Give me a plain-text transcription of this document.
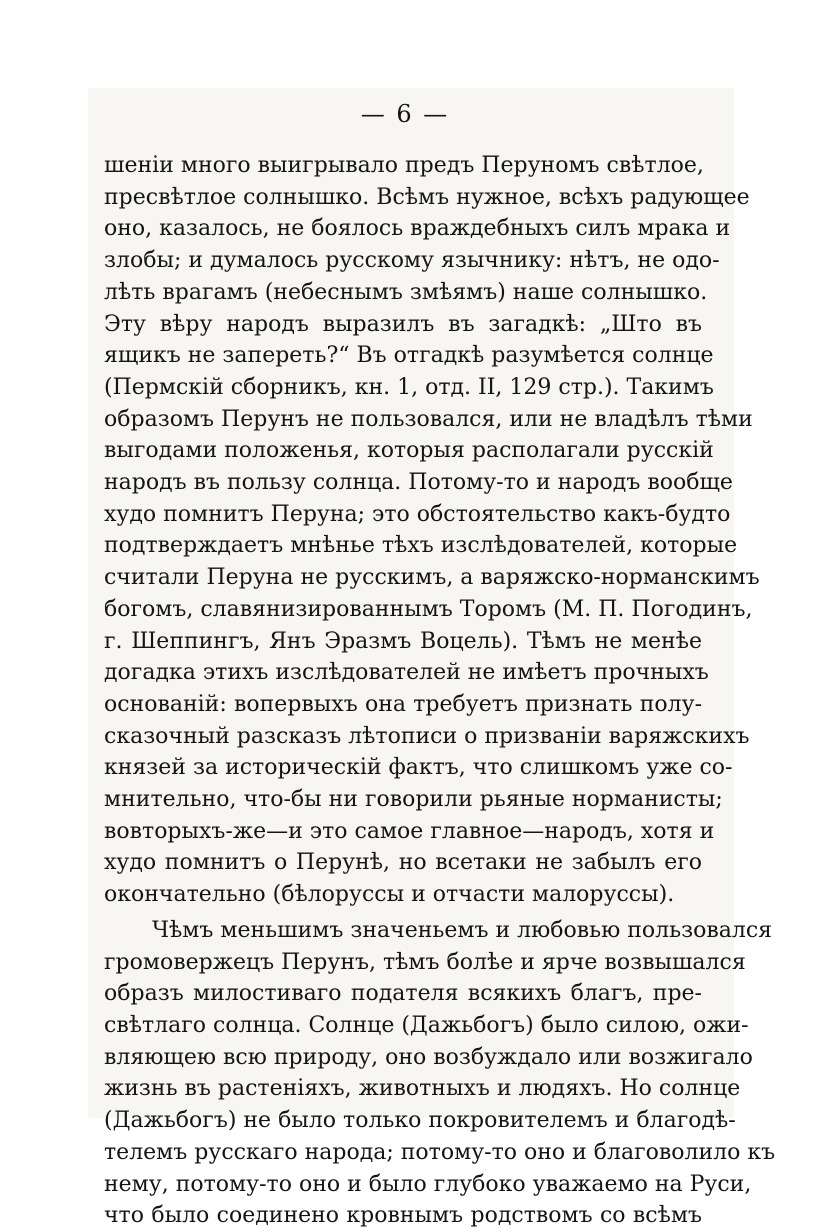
— 6 —

шенiи много выигрывало предъ Перуномъ свѣтлое,
пресвѣтлое солнышко. Всѣмъ нужное, всѣхъ радующее
оно, казалось, не боялось враждебныхъ силъ мрака и
злобы; и думалось русскому язычнику: нѣтъ, не одо-
лѣть врагамъ (небеснымъ змѣямъ) наше солнышко.
Эту вѣру народъ выразилъ въ загадкѣ: „Што въ
ящикъ не запереть?“ Въ отгадкѣ разумѣется солнце
(Пермскiй сборникъ, кн. 1, отд. II, 129 стр.). Такимъ
образомъ Перунъ не пользовался, или не владѣлъ тѣми
выгодами положенья, которыя располагали русскiй
народъ въ пользу солнца. Потому-то и народъ вообще
худо помнитъ Перуна; это обстоятельство какъ-будто
подтверждаетъ мнѣнье тѣхъ изслѣдователей, которые
считали Перуна не русскимъ, а варяжско-норманскимъ
богомъ, славянизированнымъ Торомъ (М. П. Погодинъ,
г. Шеппингъ, Янъ Эразмъ Воцель). Тѣмъ не менѣе
догадка этихъ изслѣдователей не имѣетъ прочныхъ
основанiй: вопервыхъ она требуетъ признать полу-
сказочный разсказъ лѣтописи о призванiи варяжскихъ
князей за историческiй фактъ, что слишкомъ уже со-
мнительно, что-бы ни говорили рьяные норманисты;
вовторыхъ-же—и это самое главное—народъ, хотя и
худо помнитъ о Перунѣ, но всетаки не забылъ его
окончательно (бѣлоруссы и отчасти малоруссы).

Чѣмъ меньшимъ значеньемъ и любовью пользовался
громовержецъ Перунъ, тѣмъ болѣе и ярче возвышался
образъ милостиваго подателя всякихъ благъ, пре-
свѣтлаго солнца. Солнце (Дажьбогъ) было силою, ожи-
вляющею всю природу, оно возбуждало или возжигало
жизнь въ растенiяхъ, животныхъ и людяхъ. Но солнце
(Дажьбогъ) не было только покровителемъ и благодѣ-
телемъ русскаго народа; потому-то оно и благоволило къ
нему, потому-то оно и было глубоко уважаемо на Руси,
что было соединено кровнымъ родствомъ со всѣмъ
